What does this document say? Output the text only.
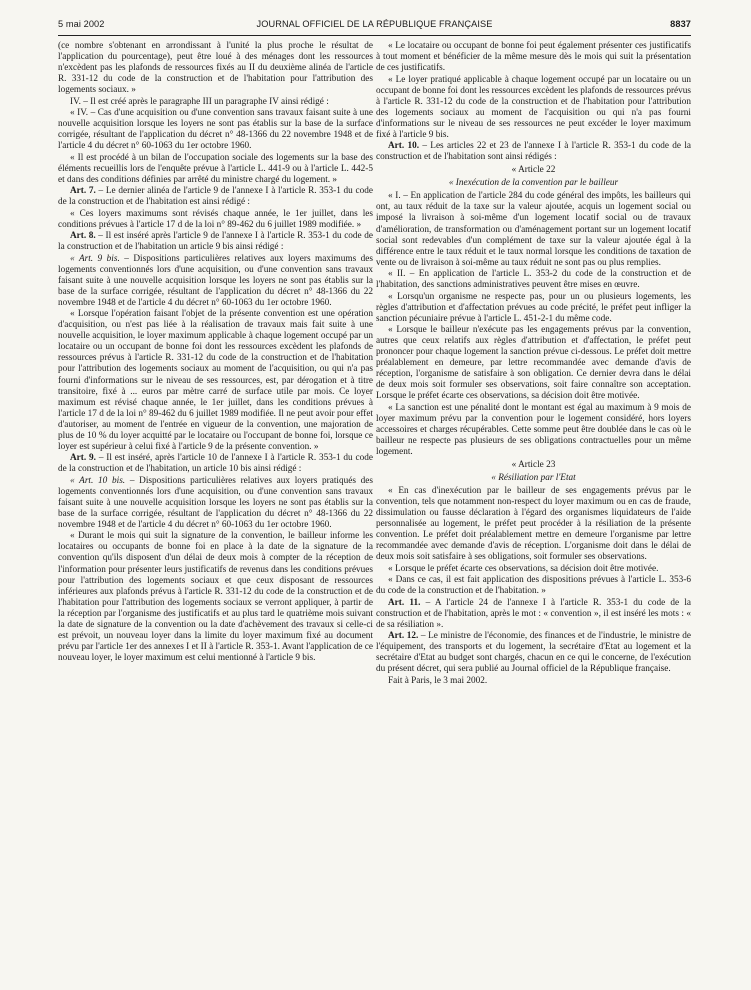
5 mai 2002	JOURNAL OFFICIEL DE LA RÉPUBLIQUE FRANÇAISE	8837

(ce nombre s'obtenant en arrondissant à l'unité la plus proche le résultat de l'application du pourcentage), peut être loué à des ménages dont les ressources n'excèdent pas les plafonds de ressources fixés au II du deuxième alinéa de l'article R. 331-12 du code de la construction et de l'habitation pour l'attribution des logements sociaux. »

IV. – Il est créé après le paragraphe III un paragraphe IV ainsi rédigé :

« IV. – Cas d'une acquisition ou d'une convention sans travaux faisant suite à une nouvelle acquisition lorsque les loyers ne sont pas établis sur la base de la surface corrigée, résultant de l'application du décret n° 48-1366 du 22 novembre 1948 et de l'article 4 du décret n° 60-1063 du 1er octobre 1960.

« Il est procédé à un bilan de l'occupation sociale des logements sur la base des éléments recueillis lors de l'enquête prévue à l'article L. 441-9 ou à l'article L. 442-5 et dans des conditions définies par arrêté du ministre chargé du logement. »

Art. 7. – Le dernier alinéa de l'article 9 de l'annexe I à l'article R. 353-1 du code de la construction et de l'habitation est ainsi rédigé :

« Ces loyers maximums sont révisés chaque année, le 1er juillet, dans les conditions prévues à l'article 17 d de la loi n° 89-462 du 6 juillet 1989 modifiée. »

Art. 8. – Il est inséré après l'article 9 de l'annexe I à l'article R. 353-1 du code de la construction et de l'habitation un article 9 bis ainsi rédigé :

« Art. 9 bis. – Dispositions particulières relatives aux loyers maximums des logements conventionnés lors d'une acquisition, ou d'une convention sans travaux faisant suite à une nouvelle acquisition lorsque les loyers ne sont pas établis sur la base de la surface corrigée, résultant de l'application du décret n° 48-1366 du 22 novembre 1948 et de l'article 4 du décret n° 60-1063 du 1er octobre 1960.

« Lorsque l'opération faisant l'objet de la présente convention est une opération d'acquisition, ou n'est pas liée à la réalisation de travaux mais fait suite à une nouvelle acquisition, le loyer maximum applicable à chaque logement occupé par un locataire ou un occupant de bonne foi dont les ressources excèdent les plafonds de ressources prévus à l'article R. 331-12 du code de la construction et de l'habitation pour l'attribution des logements sociaux au moment de l'acquisition, ou qui n'a pas fourni d'informations sur le niveau de ses ressources, est, par dérogation et à titre transitoire, fixé à ... euros par mètre carré de surface utile par mois. Ce loyer maximum est révisé chaque année, le 1er juillet, dans les conditions prévues à l'article 17 d de la loi n° 89-462 du 6 juillet 1989 modifiée. Il ne peut avoir pour effet d'autoriser, au moment de l'entrée en vigueur de la convention, une majoration de plus de 10 % du loyer acquitté par le locataire ou l'occupant de bonne foi, lorsque ce loyer est supérieur à celui fixé à l'article 9 de la présente convention. »

Art. 9. – Il est inséré, après l'article 10 de l'annexe I à l'article R. 353-1 du code de la construction et de l'habitation, un article 10 bis ainsi rédigé :

« Art. 10 bis. – Dispositions particulières relatives aux loyers pratiqués des logements conventionnés lors d'une acquisition, ou d'une convention sans travaux faisant suite à une nouvelle acquisition lorsque les loyers ne sont pas établis sur la base de la surface corrigée, résultant de l'application du décret n° 48-1366 du 22 novembre 1948 et de l'article 4 du décret n° 60-1063 du 1er octobre 1960.

« Durant le mois qui suit la signature de la convention, le bailleur informe les locataires ou occupants de bonne foi en place à la date de la signature de la convention qu'ils disposent d'un délai de deux mois à compter de la réception de l'information pour présenter leurs justificatifs de revenus dans les conditions prévues pour l'attribution des logements sociaux et que ceux disposant de ressources inférieures aux plafonds prévus à l'article R. 331-12 du code de la construction et de l'habitation pour l'attribution des logements sociaux se verront appliquer, à partir de la réception par l'organisme des justificatifs et au plus tard le quatrième mois suivant la date de signature de la convention ou la date d'achèvement des travaux si celle-ci est prévoit, un nouveau loyer dans la limite du loyer maximum fixé au document prévu par l'article 1er des annexes I et II à l'article R. 353-1. Avant l'application de ce nouveau loyer, le loyer maximum est celui mentionné à l'article 9 bis.

« Le locataire ou occupant de bonne foi peut également présenter ces justificatifs à tout moment et bénéficier de la même mesure dès le mois qui suit la présentation de ces justificatifs.

« Le loyer pratiqué applicable à chaque logement occupé par un locataire ou un occupant de bonne foi dont les ressources excèdent les plafonds de ressources prévus à l'article R. 331-12 du code de la construction et de l'habitation pour l'attribution des logements sociaux au moment de l'acquisition ou qui n'a pas fourni d'informations sur le niveau de ses ressources ne peut excéder le loyer maximum fixé à l'article 9 bis.

Art. 10. – Les articles 22 et 23 de l'annexe I à l'article R. 353-1 du code de la construction et de l'habitation sont ainsi rédigés :

« Article 22
« Inexécution de la convention par le bailleur

« I. – En application de l'article 284 du code général des impôts, les bailleurs qui ont, au taux réduit de la taxe sur la valeur ajoutée, acquis un logement social ou imposé la livraison à soi-même d'un logement locatif social ou de travaux d'amélioration, de transformation ou d'aménagement portant sur un logement locatif social sont redevables d'un complément de taxe sur la valeur ajoutée égal à la différence entre le taux réduit et le taux normal lorsque les conditions de taxation de vente ou de livraison à soi-même au taux réduit ne sont pas ou plus remplies.

« II. – En application de l'article L. 353-2 du code de la construction et de l'habitation, des sanctions administratives peuvent être mises en œuvre.

« Lorsqu'un organisme ne respecte pas, pour un ou plusieurs logements, les règles d'attribution et d'affectation prévues au code précité, le préfet peut infliger la sanction pécuniaire prévue à l'article L. 451-2-1 du même code.

« Lorsque le bailleur n'exécute pas les engagements prévus par la convention, autres que ceux relatifs aux règles d'attribution et d'affectation, le préfet peut prononcer pour chaque logement la sanction prévue ci-dessous. Le préfet doit mettre préalablement en demeure, par lettre recommandée avec demande d'avis de réception, l'organisme de satisfaire à son obligation. Ce dernier devra dans le délai de deux mois soit formuler ses observations, soit faire connaître son acceptation. Lorsque le préfet écarte ces observations, sa décision doit être motivée.

« La sanction est une pénalité dont le montant est égal au maximum à 9 mois de loyer maximum prévu par la convention pour le logement considéré, hors loyers accessoires et charges récupérables. Cette somme peut être doublée dans le cas où le bailleur ne respecte pas plusieurs de ses obligations contractuelles pour un même logement.

« Article 23
« Résiliation par l'Etat

« En cas d'inexécution par le bailleur de ses engagements prévus par le convention, tels que notamment non-respect du loyer maximum ou en cas de fraude, dissimulation ou fausse déclaration à l'égard des organismes liquidateurs de l'aide personnalisée au logement, le préfet peut procéder à la résiliation de la présente convention. Le préfet doit préalablement mettre en demeure l'organisme par lettre recommandée avec demande d'avis de réception. L'organisme doit dans le délai de deux mois soit satisfaire à ses obligations, soit formuler ses observations.

« Lorsque le préfet écarte ces observations, sa décision doit être motivée.

« Dans ce cas, il est fait application des dispositions prévues à l'article L. 353-6 du code de la construction et de l'habitation. »

Art. 11. – A l'article 24 de l'annexe I à l'article R. 353-1 du code de la construction et de l'habitation, après le mot : « convention », il est inséré les mots : « de sa résiliation ».

Art. 12. – Le ministre de l'économie, des finances et de l'industrie, le ministre de l'équipement, des transports et du logement, la secrétaire d'Etat au logement et la secrétaire d'Etat au budget sont chargés, chacun en ce qui le concerne, de l'exécution du présent décret, qui sera publié au Journal officiel de la République française.

Fait à Paris, le 3 mai 2002.
